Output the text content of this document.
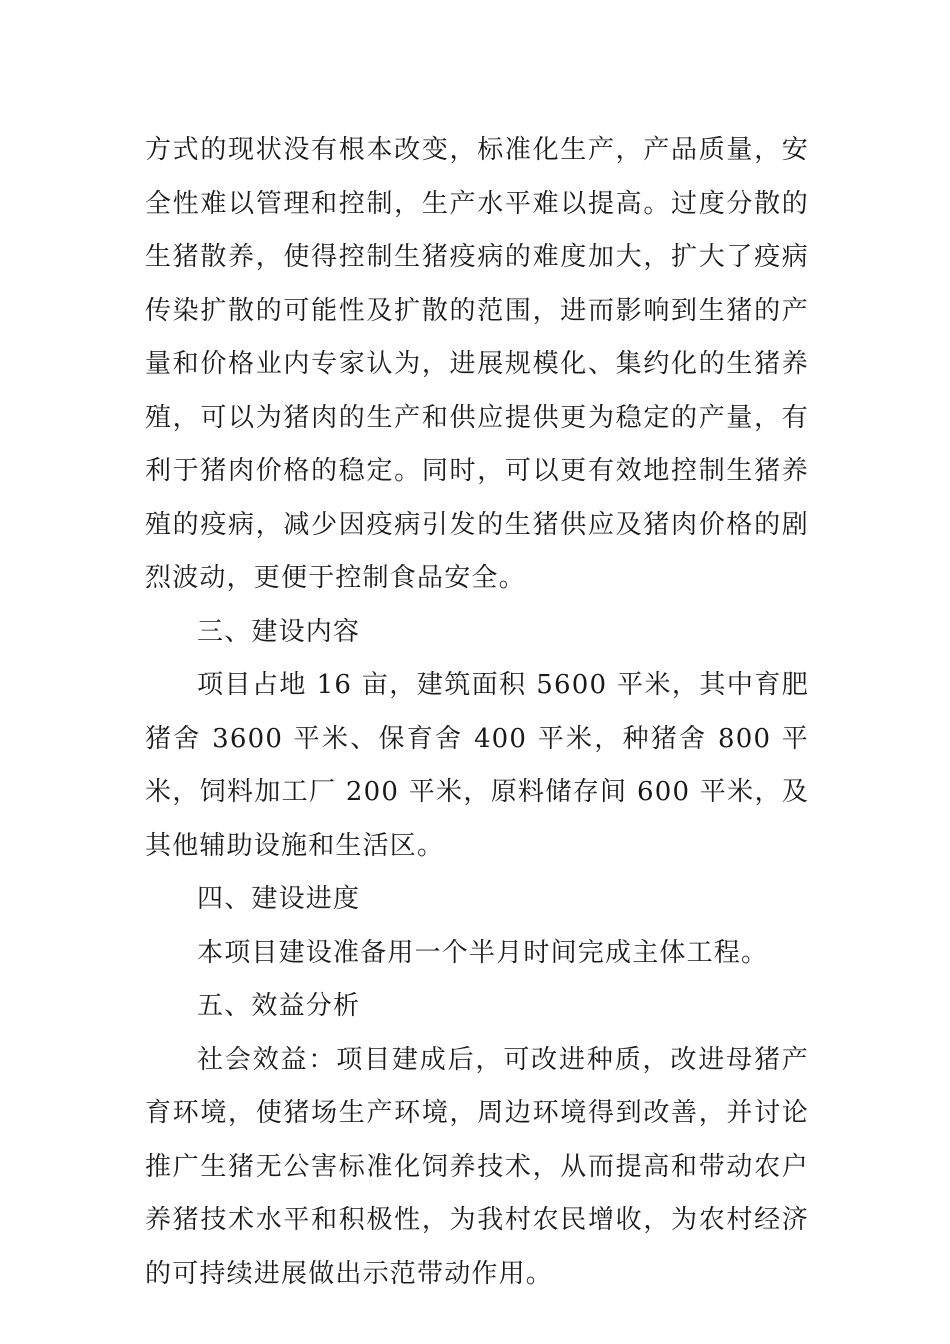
方式的现状没有根本改变，标准化生产，产品质量，安全性难以管理和控制，生产水平难以提高。过度分散的生猪散养，使得控制生猪疫病的难度加大，扩大了疫病传染扩散的可能性及扩散的范围，进而影响到生猪的产量和价格业内专家认为，进展规模化、集约化的生猪养殖，可以为猪肉的生产和供应提供更为稳定的产量，有利于猪肉价格的稳定。同时，可以更有效地控制生猪养殖的疫病，减少因疫病引发的生猪供应及猪肉价格的剧烈波动，更便于控制食品安全。

三、建设内容

项目占地 16 亩，建筑面积 5600 平米，其中育肥猪舍 3600 平米、保育舍 400 平米，种猪舍 800 平米，饲料加工厂 200 平米，原料储存间 600 平米，及其他辅助设施和生活区。

四、建设进度

本项目建设准备用一个半月时间完成主体工程。

五、效益分析

社会效益：项目建成后，可改进种质，改进母猪产育环境，使猪场生产环境，周边环境得到改善，并讨论推广生猪无公害标准化饲养技术，从而提高和带动农户养猪技术水平和积极性，为我村农民增收，为农村经济的可持续进展做出示范带动作用。
